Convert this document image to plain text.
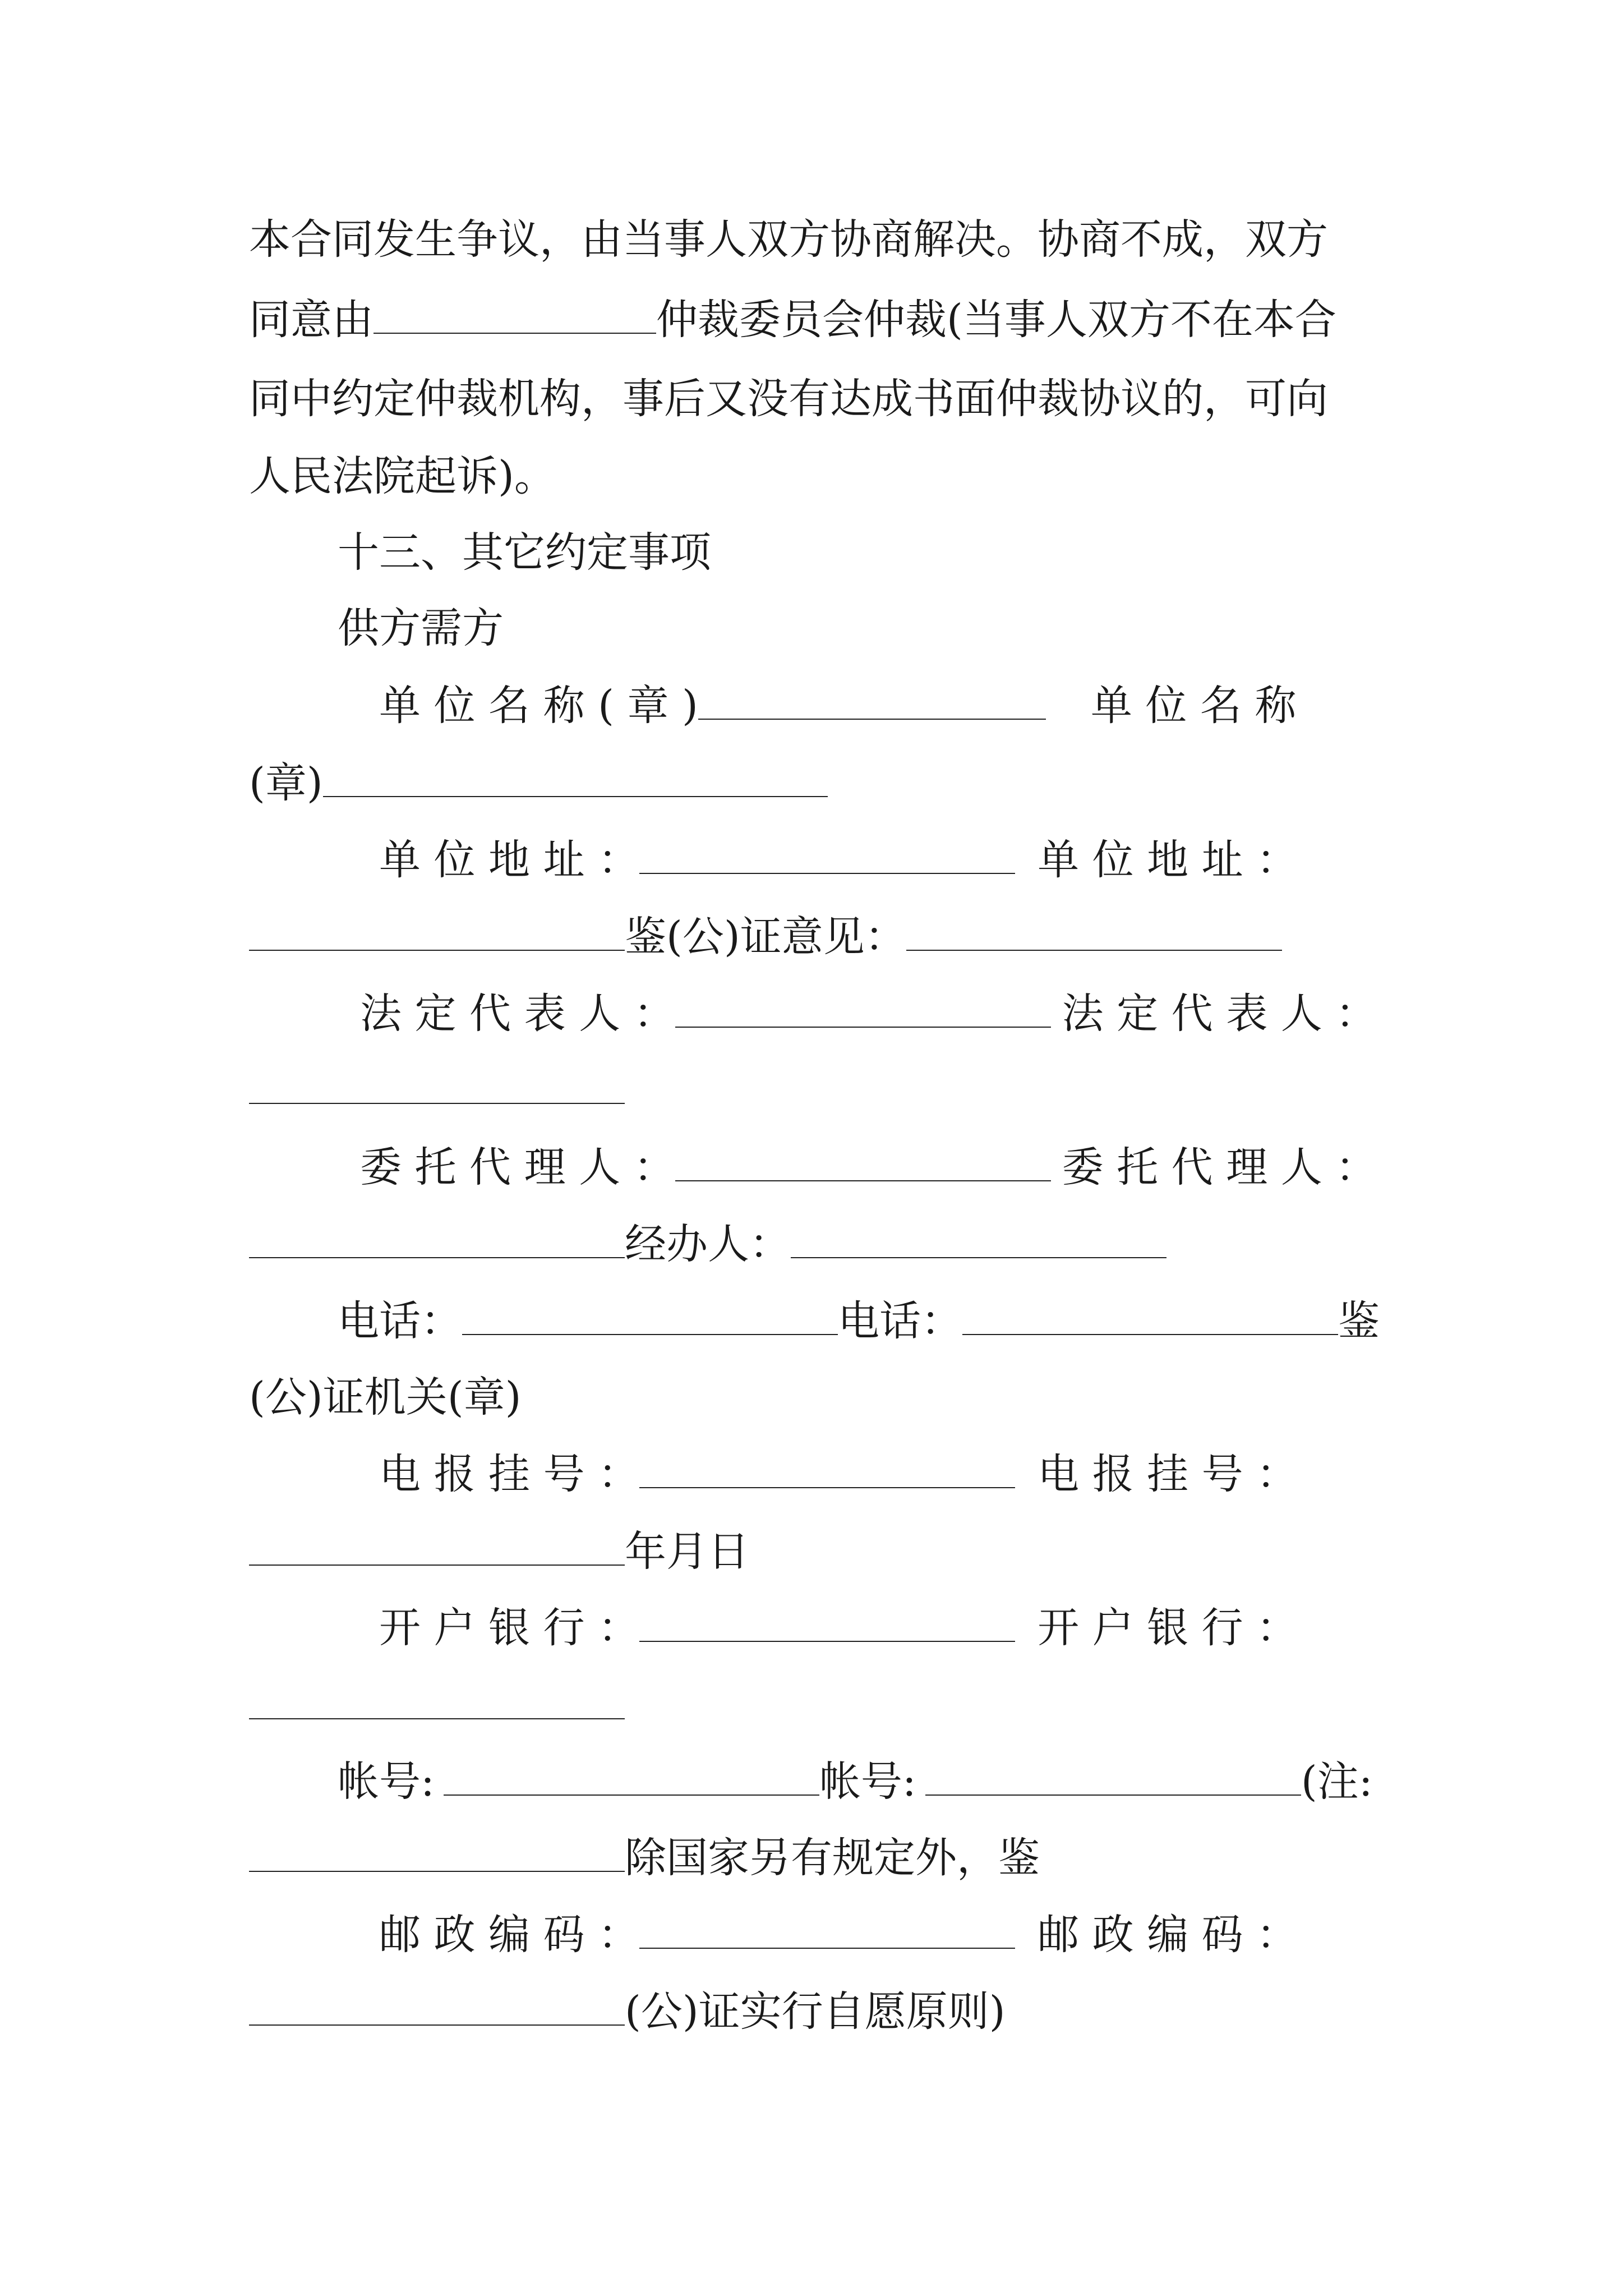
本合同发生争议，由当事人双方协商解决。协商不成，双方
同意由	仲裁委员会仲裁(当事人双方不在本合
同中约定仲裁机构，事后又没有达成书面仲裁协议的，可向
人民法院起诉)。
十三、其它约定事项
供方需方
单 位 名 称 ( 章 )	单 位 名 称
(章)
单 位 地 址 ：	单 位 地 址 ：
鉴(公)证意见：
法 定 代 表 人 ：	法 定 代 表 人 ：
委 托 代 理 人 ：	委 托 代 理 人 ：
经办人：
电话：	电话：	鉴
(公)证机关(章)
电 报 挂 号 ：	电 报 挂 号 ：
年月日
开 户 银 行 ：	开 户 银 行 ：
帐号:	帐号:	(注:
除国家另有规定外，鉴
邮 政 编 码 ：	邮 政 编 码 ：
(公)证实行自愿原则)
